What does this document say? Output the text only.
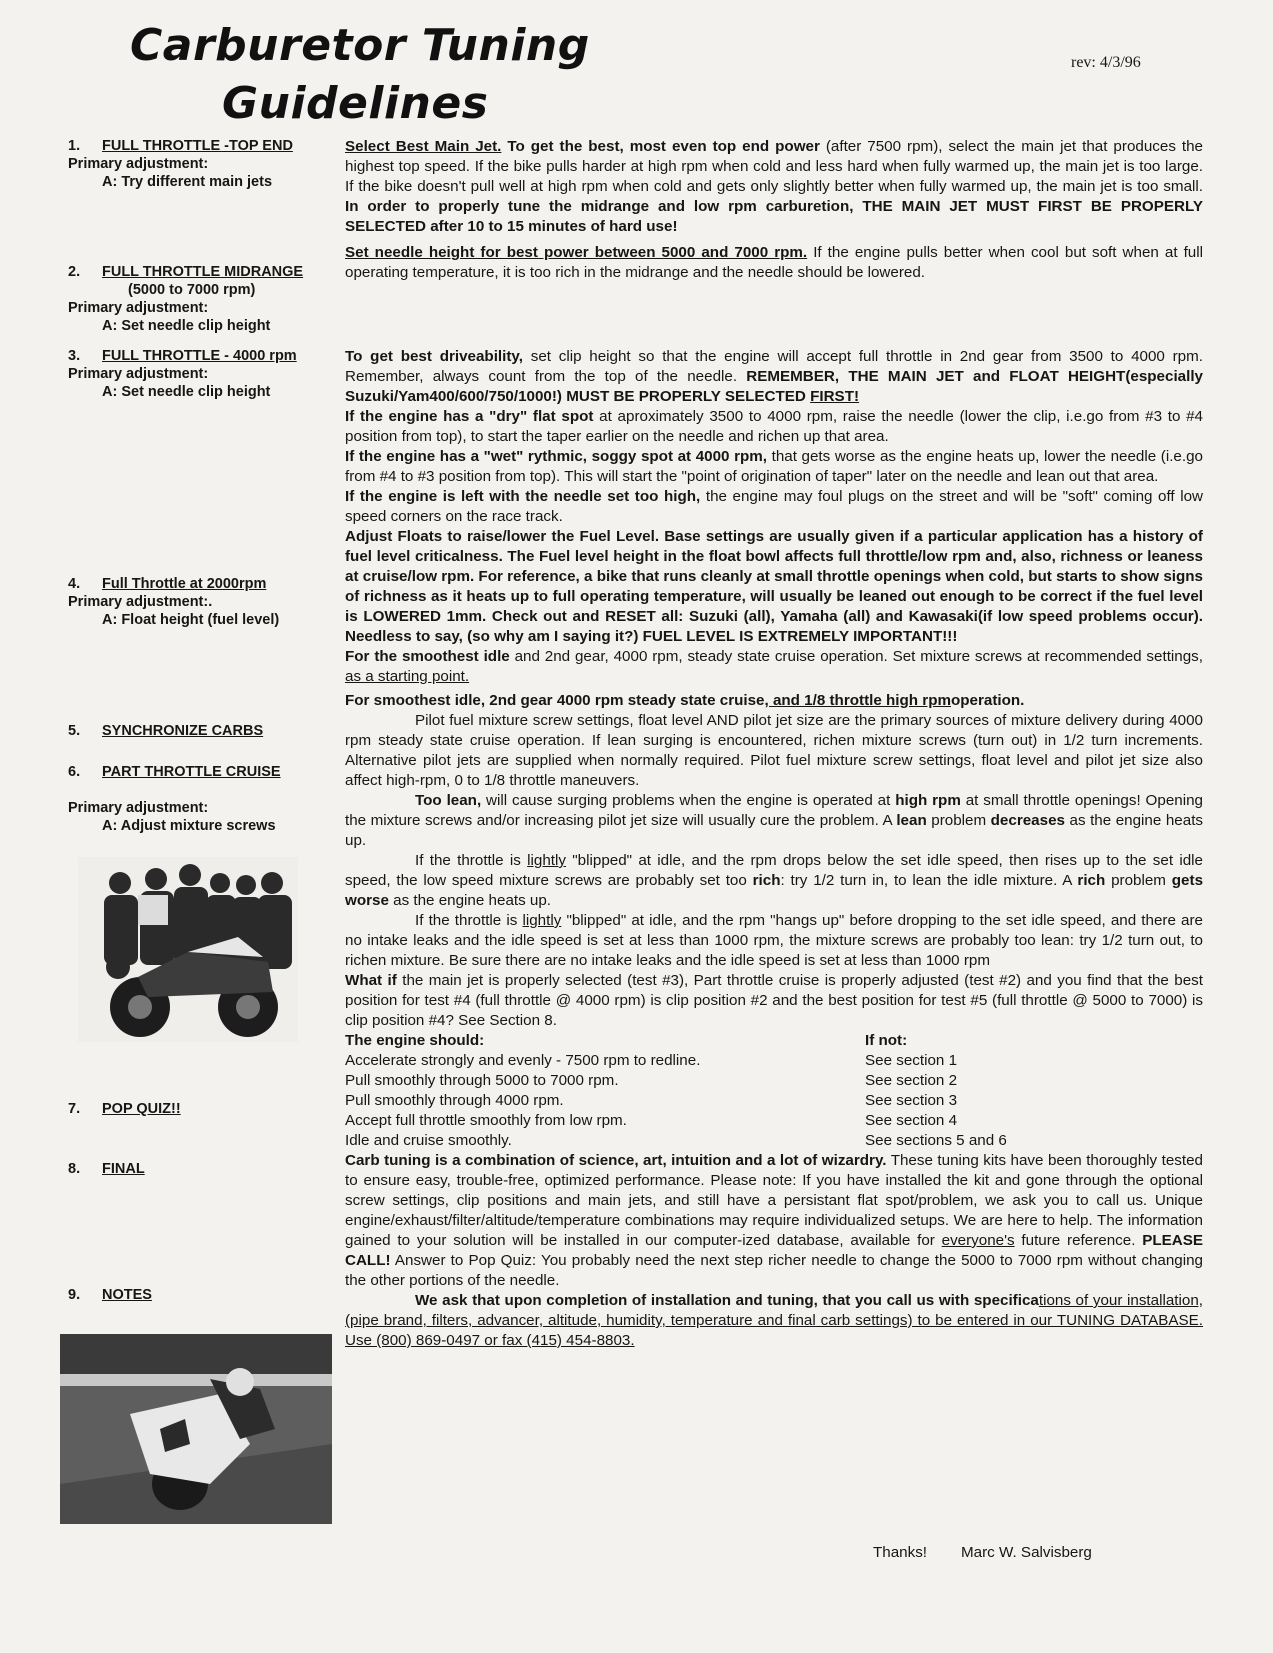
Carburetor Tuning
Guidelines
rev: 4/3/96
1. FULL THROTTLE -TOP END
Primary adjustment:
A: Try different main jets
2. FULL THROTTLE MIDRANGE
(5000 to 7000 rpm)
Primary adjustment:
A: Set needle clip height
3. FULL THROTTLE - 4000 rpm
Primary adjustment:
A: Set needle clip height
4. Full Throttle at 2000rpm
Primary adjustment:.
A: Float height (fuel level)
5. SYNCHRONIZE CARBS
6. PART THROTTLE CRUISE

Primary adjustment:
A: Adjust mixture screws
7. POP QUIZ!!
8. FINAL
9. NOTES

Select Best Main Jet. To get the best, most even top end power (after 7500 rpm), select the main jet that produces the highest top speed. If the bike pulls harder at high rpm when cold and less hard when fully warmed up, the main jet is too large. If the bike doesn't pull well at high rpm when cold and gets only slightly better when fully warmed up, the main jet is too small. In order to properly tune the midrange and low rpm carburetion, THE MAIN JET MUST FIRST BE PROPERLY SELECTED after 10 to 15 minutes of hard use!

Set needle height for best power between 5000 and 7000 rpm. If the engine pulls better when cool but soft when at full operating temperature, it is too rich in the midrange and the needle should be lowered.

To get best driveability, set clip height so that the engine will accept full throttle in 2nd gear from 3500 to 4000 rpm. Remember, always count from the top of the needle. REMEMBER, THE MAIN JET and FLOAT HEIGHT(especially Suzuki/Yam400/600/750/1000!) MUST BE PROPERLY SELECTED FIRST!

If the engine has a "dry" flat spot at aproximately 3500 to 4000 rpm, raise the needle (lower the clip, i.e.go from #3 to #4 position from top), to start the taper earlier on the needle and richen up that area.

If the engine has a "wet" rythmic, soggy spot at 4000 rpm, that gets worse as the engine heats up, lower the needle (i.e.go from #4 to #3 position from top). This will start the "point of origination of taper" later on the needle and lean out that area.

If the engine is left with the needle set too high, the engine may foul plugs on the street and will be "soft" coming off low speed corners on the race track.

Adjust Floats to raise/lower the Fuel Level. Base settings are usually given if a particular application has a history of fuel level criticalness. The Fuel level height in the float bowl affects full throttle/low rpm and, also, richness or leaness at cruise/low rpm. For reference, a bike that runs cleanly at small throttle openings when cold, but starts to show signs of richness as it heats up to full operating temperature, will usually be leaned out enough to be correct if the fuel level is LOWERED 1mm. Check out and RESET all: Suzuki (all), Yamaha (all) and Kawasaki(if low speed problems occur). Needless to say, (so why am I saying it?) FUEL LEVEL IS EXTREMELY IMPORTANT!!!

For the smoothest idle and 2nd gear, 4000 rpm, steady state cruise operation. Set mixture screws at recommended settings, as a starting point.

For smoothest idle, 2nd gear 4000 rpm steady state cruise, and 1/8 throttle high rpmoperation.

Pilot fuel mixture screw settings, float level AND pilot jet size are the primary sources of mixture delivery during 4000 rpm steady state cruise operation. If lean surging is encountered, richen mixture screws (turn out) in 1/2 turn increments. Alternative pilot jets are supplied when normally required. Pilot fuel mixture screw settings, float level and pilot jet size also affect high-rpm, 0 to 1/8 throttle maneuvers.

Too lean, will cause surging problems when the engine is operated at high rpm at small throttle openings! Opening the mixture screws and/or increasing pilot jet size will usually cure the problem. A lean problem decreases as the engine heats up.

If the throttle is lightly "blipped" at idle, and the rpm drops below the set idle speed, then rises up to the set idle speed, the low speed mixture screws are probably set too rich: try 1/2 turn in, to lean the idle mixture. A rich problem gets worse as the engine heats up.

If the throttle is lightly "blipped" at idle, and the rpm "hangs up" before dropping to the set idle speed, and there are no intake leaks and the idle speed is set at less than 1000 rpm, the mixture screws are probably too lean: try 1/2 turn out, to richen mixture. Be sure there are no intake leaks and the idle speed is set at less than 1000 rpm

What if the main jet is properly selected (test #3), Part throttle cruise is properly adjusted (test #2) and you find that the best position for test #4 (full throttle @ 4000 rpm) is clip position #2 and the best position for test #5 (full throttle @ 5000 to 7000) is clip position #4? See Section 8.

The engine should:	If not:
Accelerate strongly and evenly - 7500 rpm to redline.	See section 1
Pull smoothly through 5000 to 7000 rpm.	See section 2
Pull smoothly through 4000 rpm.	See section 3
Accept full throttle smoothly from low rpm.	See section 4
Idle and cruise smoothly.	See sections 5 and 6

Carb tuning is a combination of science, art, intuition and a lot of wizardry. These tuning kits have been thoroughly tested to ensure easy, trouble-free, optimized performance. Please note: If you have installed the kit and gone through the optional screw settings, clip positions and main jets, and still have a persistant flat spot/problem, we ask you to call us. Unique engine/exhaust/filter/altitude/temperature combinations may require individualized setups. We are here to help. The information gained to your solution will be installed in our computer-ized database, available for everyone's future reference. PLEASE CALL! Answer to Pop Quiz: You probably need the next step richer needle to change the 5000 to 7000 rpm without changing the other portions of the needle.

We ask that upon completion of installation and tuning, that you call us with specifications of your installation, (pipe brand, filters, advancer, altitude, humidity, temperature and final carb settings) to be entered in our TUNING DATABASE. Use (800) 869-0497 or fax (415) 454-8803.

Thanks! Marc W. Salvisberg
